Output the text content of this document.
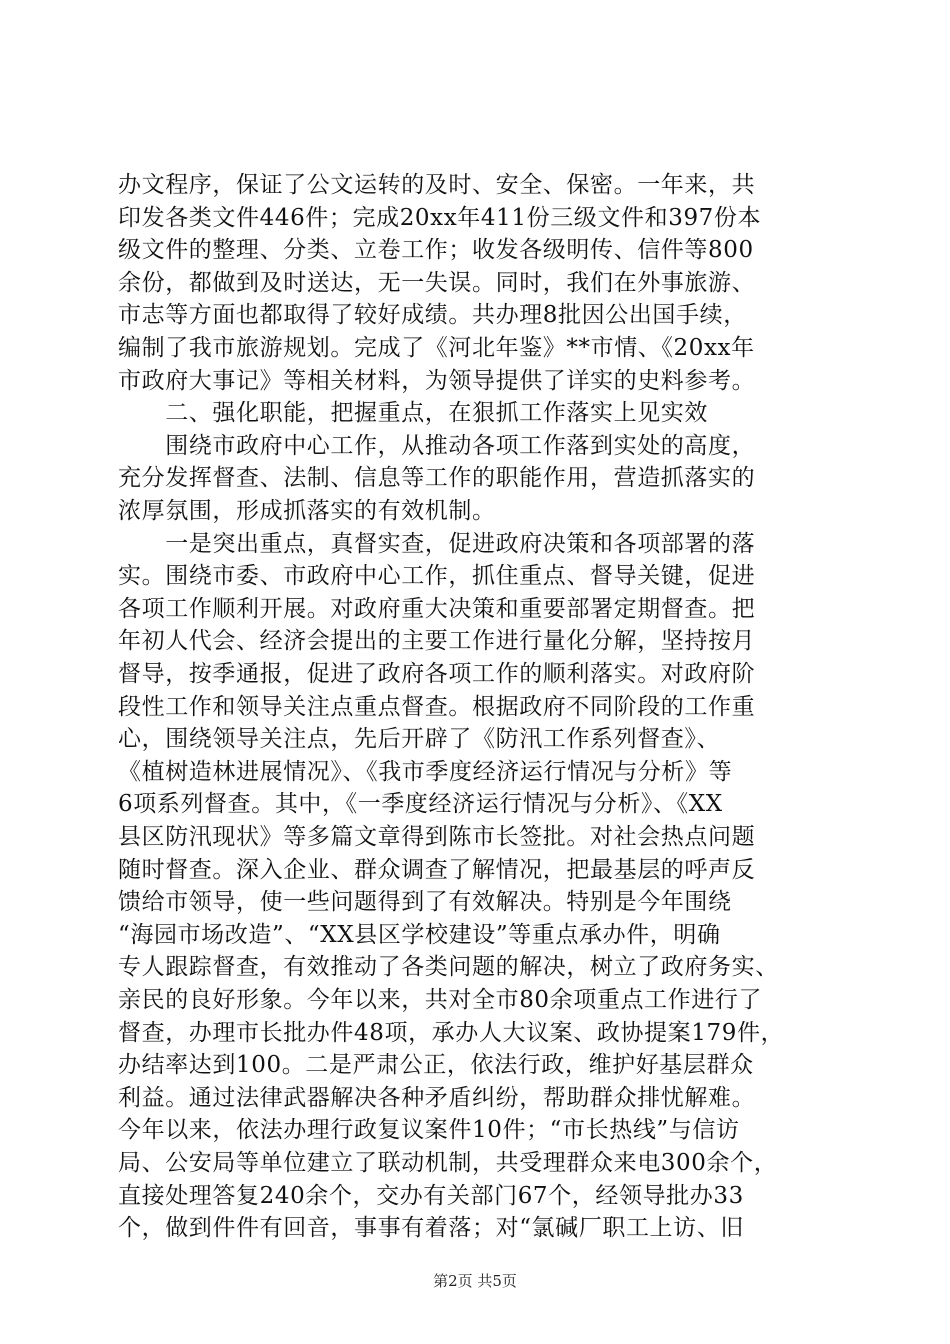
办文程序，保证了公文运转的及时、安全、保密。一年来，共
印发各类文件446件；完成20xx年411份三级文件和397份本
级文件的整理、分类、立卷工作；收发各级明传、信件等800
余份，都做到及时送达，无一失误。同时，我们在外事旅游、
市志等方面也都取得了较好成绩。共办理8批因公出国手续，
编制了我市旅游规划。完成了《河北年鉴》**市情、《20xx年
市政府大事记》等相关材料，为领导提供了详实的史料参考。
　　二、强化职能，把握重点，在狠抓工作落实上见实效
　　围绕市政府中心工作，从推动各项工作落到实处的高度，
充分发挥督查、法制、信息等工作的职能作用，营造抓落实的
浓厚氛围，形成抓落实的有效机制。
　　一是突出重点，真督实查，促进政府决策和各项部署的落
实。围绕市委、市政府中心工作，抓住重点、督导关键，促进
各项工作顺利开展。对政府重大决策和重要部署定期督查。把
年初人代会、经济会提出的主要工作进行量化分解，坚持按月
督导，按季通报，促进了政府各项工作的顺利落实。对政府阶
段性工作和领导关注点重点督查。根据政府不同阶段的工作重
心，围绕领导关注点，先后开辟了《防汛工作系列督查》、
《植树造林进展情况》、《我市季度经济运行情况与分析》等
6项系列督查。其中，《一季度经济运行情况与分析》、《XX
县区防汛现状》等多篇文章得到陈市长签批。对社会热点问题
随时督查。深入企业、群众调查了解情况，把最基层的呼声反
馈给市领导，使一些问题得到了有效解决。特别是今年围绕
“海园市场改造”、“XX县区学校建设”等重点承办件，明确
专人跟踪督查，有效推动了各类问题的解决，树立了政府务实、
亲民的良好形象。今年以来，共对全市80余项重点工作进行了
督查，办理市长批办件48项，承办人大议案、政协提案179件，
办结率达到100。二是严肃公正，依法行政，维护好基层群众
利益。通过法律武器解决各种矛盾纠纷，帮助群众排忧解难。
今年以来，依法办理行政复议案件10件；“市长热线”与信访
局、公安局等单位建立了联动机制，共受理群众来电300余个，
直接处理答复240余个，交办有关部门67个，经领导批办33
个，做到件件有回音，事事有着落；对“氯碱厂职工上访、旧
第2页 共5页
